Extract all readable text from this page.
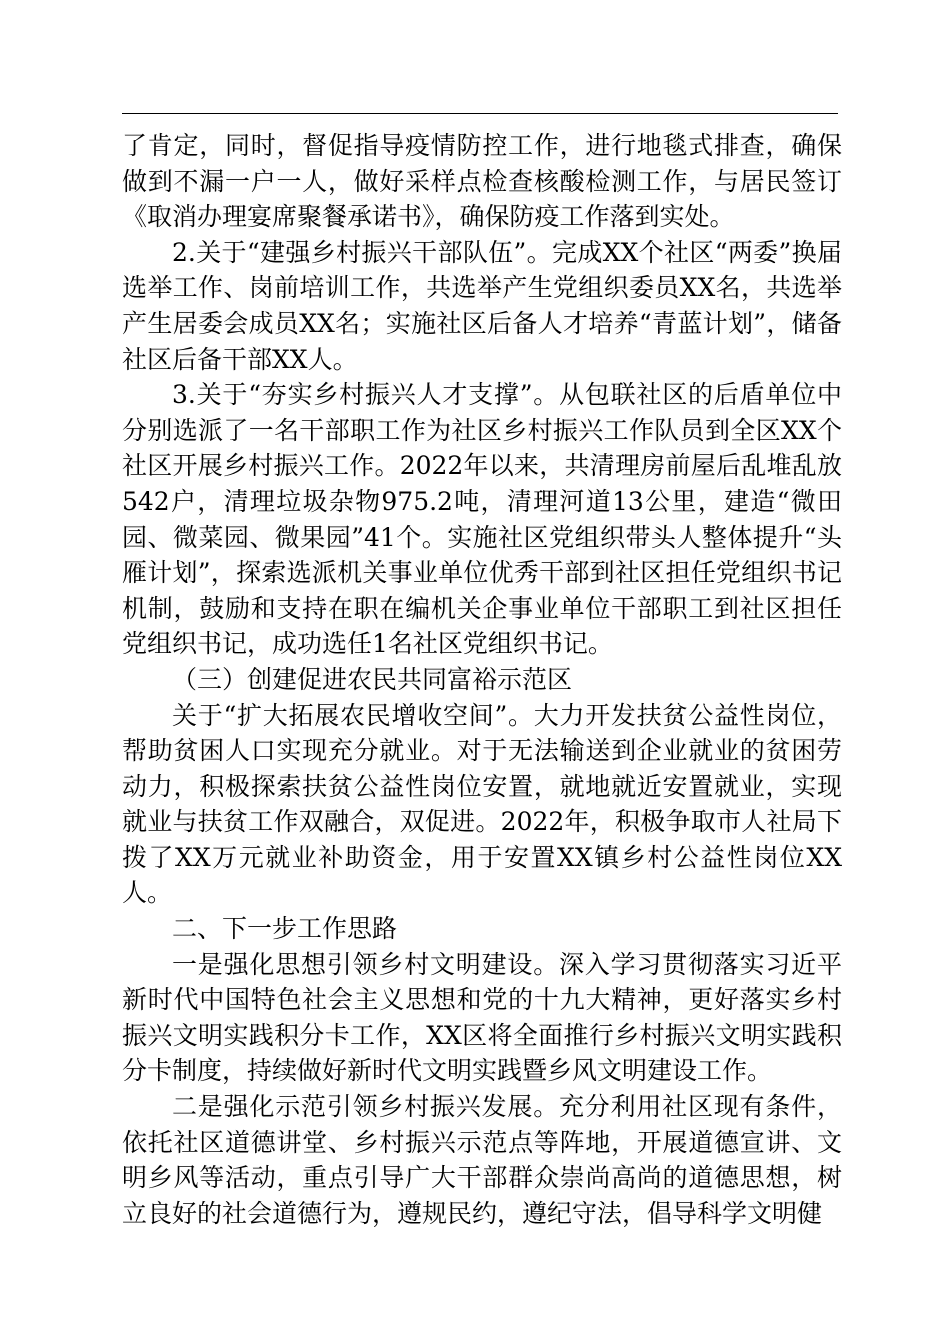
了肯定，同时，督促指导疫情防控工作，进行地毯式排查，确保做到不漏一户一人，做好采样点检查核酸检测工作，与居民签订《取消办理宴席聚餐承诺书》，确保防疫工作落到实处。

2.关于“建强乡村振兴干部队伍”。完成XX个社区“两委”换届选举工作、岗前培训工作，共选举产生党组织委员XX名，共选举产生居委会成员XX名；实施社区后备人才培养“青蓝计划”，储备社区后备干部XX人。

3.关于“夯实乡村振兴人才支撑”。从包联社区的后盾单位中分别选派了一名干部职工作为社区乡村振兴工作队员到全区XX个社区开展乡村振兴工作。2022年以来，共清理房前屋后乱堆乱放542户，清理垃圾杂物975.2吨，清理河道13公里，建造“微田园、微菜园、微果园”41个。实施社区党组织带头人整体提升“头雁计划”，探索选派机关事业单位优秀干部到社区担任党组织书记机制，鼓励和支持在职在编机关企事业单位干部职工到社区担任党组织书记，成功选任1名社区党组织书记。

（三）创建促进农民共同富裕示范区

关于“扩大拓展农民增收空间”。大力开发扶贫公益性岗位，帮助贫困人口实现充分就业。对于无法输送到企业就业的贫困劳动力，积极探索扶贫公益性岗位安置，就地就近安置就业，实现就业与扶贫工作双融合，双促进。2022年，积极争取市人社局下拨了XX万元就业补助资金，用于安置XX镇乡村公益性岗位XX人。

二、下一步工作思路

一是强化思想引领乡村文明建设。深入学习贯彻落实习近平新时代中国特色社会主义思想和党的十九大精神，更好落实乡村振兴文明实践积分卡工作，XX区将全面推行乡村振兴文明实践积分卡制度，持续做好新时代文明实践暨乡风文明建设工作。

二是强化示范引领乡村振兴发展。充分利用社区现有条件，依托社区道德讲堂、乡村振兴示范点等阵地，开展道德宣讲、文明乡风等活动，重点引导广大干部群众崇尚高尚的道德思想，树立良好的社会道德行为，遵规民约，遵纪守法，倡导科学文明健
